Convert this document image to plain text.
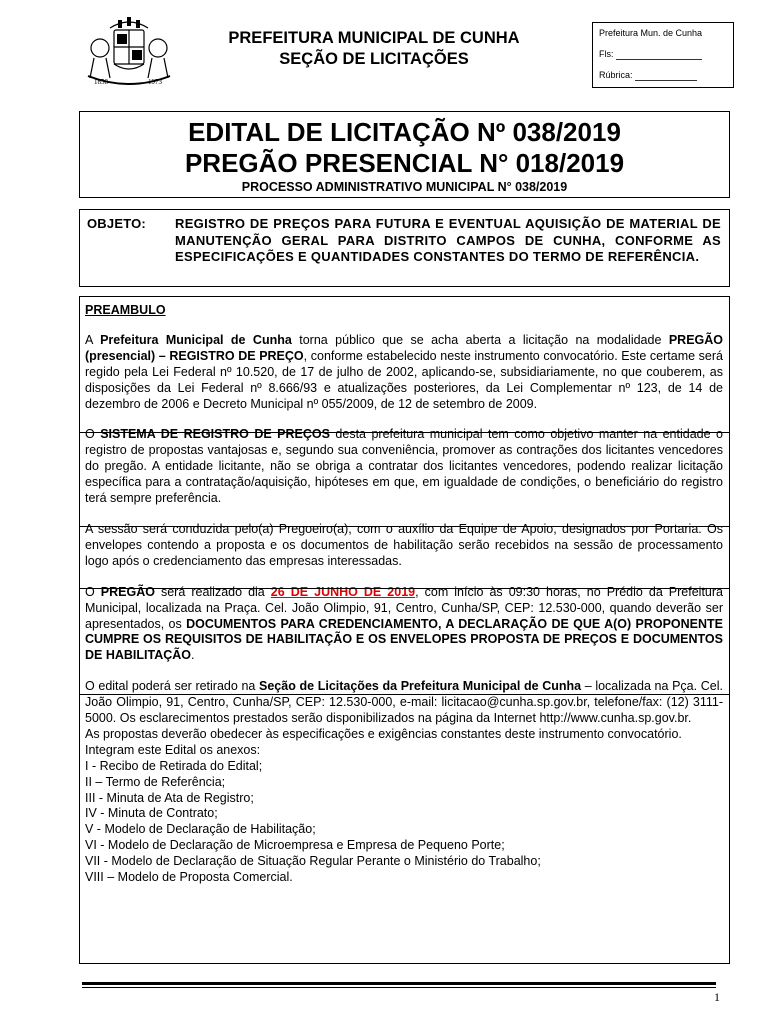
1858	1973
PREFEITURA MUNICIPAL DE CUNHA
SEÇÃO DE LICITAÇÕES
Prefeitura Mun. de Cunha
Fls:
Rúbrica:
EDITAL DE LICITAÇÃO Nº 038/2019
PREGÃO PRESENCIAL N° 018/2019
PROCESSO ADMINISTRATIVO MUNICIPAL N° 038/2019
OBJETO: REGISTRO DE PREÇOS PARA FUTURA E EVENTUAL AQUISIÇÃO DE MATERIAL DE MANUTENÇÃO GERAL PARA DISTRITO CAMPOS DE CUNHA, CONFORME AS ESPECIFICAÇÕES E QUANTIDADES CONSTANTES DO TERMO DE REFERÊNCIA.

PREAMBULO

A Prefeitura Municipal de Cunha torna público que se acha aberta a licitação na modalidade PREGÃO (presencial) – REGISTRO DE PREÇO, conforme estabelecido neste instrumento convocatório. Este certame será regido pela Lei Federal nº 10.520, de 17 de julho de 2002, aplicando-se, subsidiariamente, no que couberem, as disposições da Lei Federal nº 8.666/93 e atualizações posteriores, da Lei Complementar nº 123, de 14 de dezembro de 2006 e Decreto Municipal nº 055/2009, de 12 de setembro de 2009.

O SISTEMA DE REGISTRO DE PREÇOS desta prefeitura municipal tem como objetivo manter na entidade o registro de propostas vantajosas e, segundo sua conveniência, promover as contrações dos licitantes vencedores do pregão. A entidade licitante, não se obriga a contratar dos licitantes vencedores, podendo realizar licitação específica para a contratação/aquisição, hipóteses em que, em igualdade de condições, o beneficiário do registro terá sempre preferência.

A sessão será conduzida pelo(a) Pregoeiro(a), com o auxílio da Equipe de Apoio, designados por Portaria. Os envelopes contendo a proposta e os documentos de habilitação serão recebidos na sessão de processamento logo após o credenciamento das empresas interessadas.

O PREGÃO será realizado dia 26 DE JUNHO DE 2019, com início às 09:30 horas, no Prédio da Prefeitura Municipal, localizada na Praça. Cel. João Olimpio, 91, Centro, Cunha/SP, CEP: 12.530-000, quando deverão ser apresentados, os DOCUMENTOS PARA CREDENCIAMENTO, A DECLARAÇÃO DE QUE A(O) PROPONENTE CUMPRE OS REQUISITOS DE HABILITAÇÃO E OS ENVELOPES PROPOSTA DE PREÇOS E DOCUMENTOS DE HABILITAÇÃO.

O edital poderá ser retirado na Seção de Licitações da Prefeitura Municipal de Cunha – localizada na Pça. Cel. João Olimpio, 91, Centro, Cunha/SP, CEP: 12.530-000, e-mail: licitacao@cunha.sp.gov.br, telefone/fax: (12) 3111-5000. Os esclarecimentos prestados serão disponibilizados na página da Internet http://www.cunha.sp.gov.br.

As propostas deverão obedecer às especificações e exigências constantes deste instrumento convocatório.

Integram este Edital os anexos:

I - Recibo de Retirada do Edital;

II – Termo de Referência;

III - Minuta de Ata de Registro;

IV - Minuta de Contrato;

V - Modelo de Declaração de Habilitação;

VI - Modelo de Declaração de Microempresa e Empresa de Pequeno Porte;

VII - Modelo de Declaração de Situação Regular Perante o Ministério do Trabalho;

VIII – Modelo de Proposta Comercial.

1
